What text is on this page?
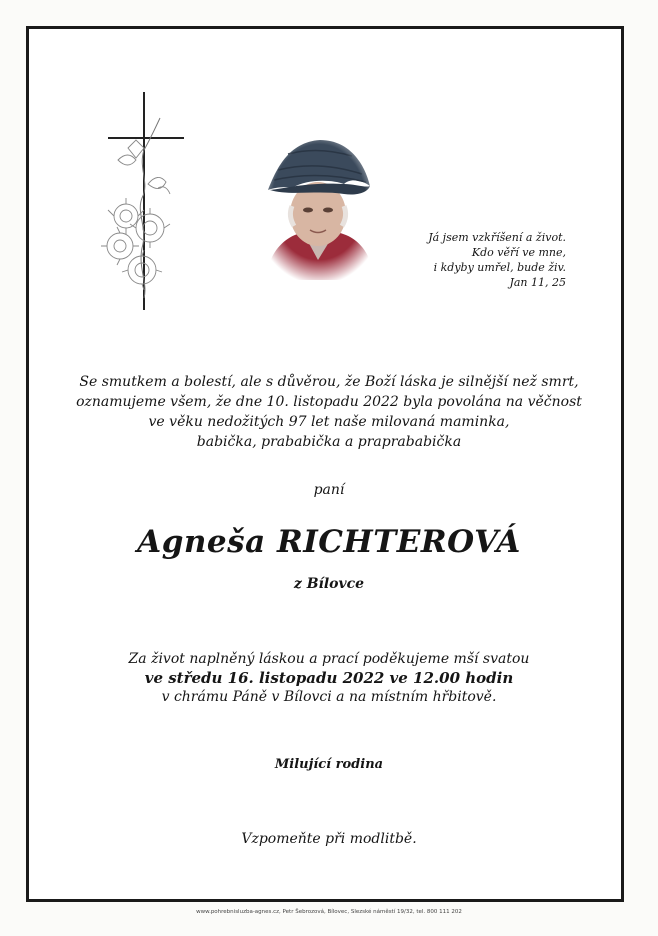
Já jsem vzkříšení a život.
Kdo věří ve mne,
i kdyby umřel, bude živ.
Jan 11, 25
Se smutkem a bolestí, ale s důvěrou, že Boží láska je silnější než smrt,
oznamujeme všem, že dne 10. listopadu 2022 byla povolána na věčnost
ve věku nedožitých 97 let naše milovaná maminka,
babička, prababička a praprababička
paní
Agneša RICHTEROVÁ
z Bílovce
Za život naplněný láskou a prací poděkujeme mší svatou
ve středu 16. listopadu 2022 ve 12.00 hodin
v chrámu Páně v Bílovci a na místním hřbitově.
Milující rodina
Vzpomeňte při modlitbě.
www.pohrebnisluzba-agnes.cz, Petr Šebrozová, Bílovec, Slezské náměstí 19/32, tel. 800 111 202
